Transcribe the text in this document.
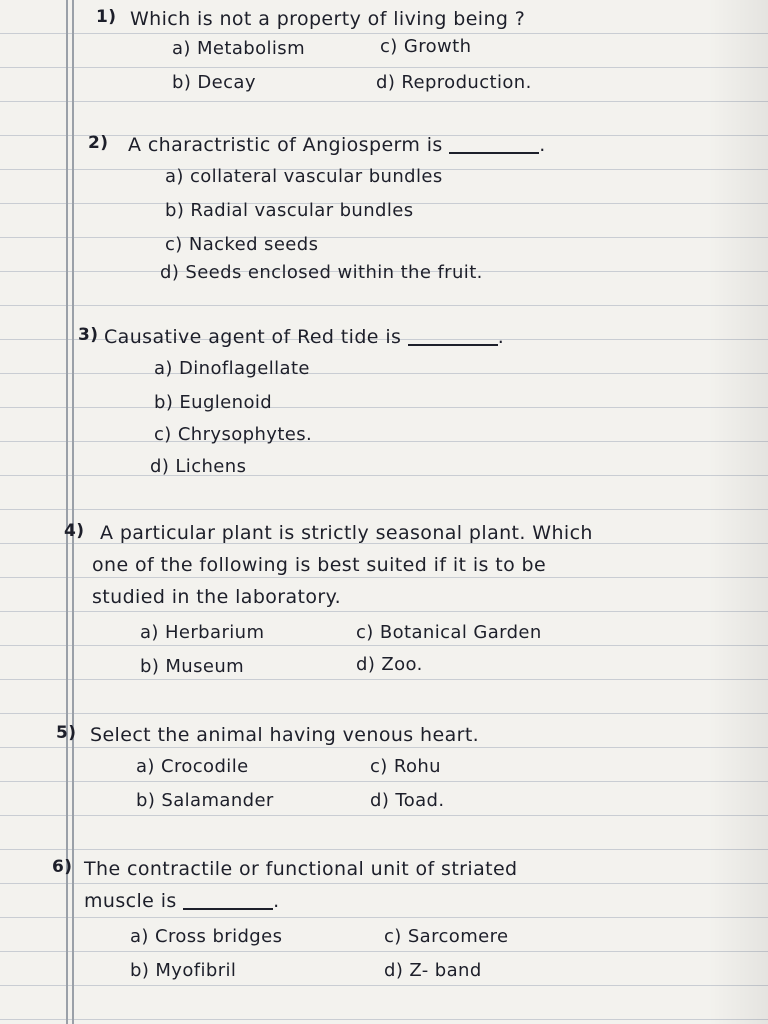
1) Which is not a property of living being ?
a) Metabolism	c) Growth
b) Decay	d) Reproduction.
2) A charactristic of Angiosperm is	.
a) collateral vascular bundles
b) Radial vascular bundles
c) Nacked seeds
d) Seeds enclosed within the fruit.
3) Causative agent of Red tide is	.
a) Dinoflagellate
b) Euglenoid
c) Chrysophytes.
d) Lichens
4) A particular plant is strictly seasonal plant. Which
one of the following is best suited if it is to be
studied in the laboratory.
a) Herbarium	c) Botanical Garden
b) Museum	d) Zoo.
5) Select the animal having venous heart.
a) Crocodile	c) Rohu
b) Salamander	d) Toad.
6) The contractile or functional unit of striated
muscle is	.
a) Cross bridges	c) Sarcomere
b) Myofibril	d) Z- band
